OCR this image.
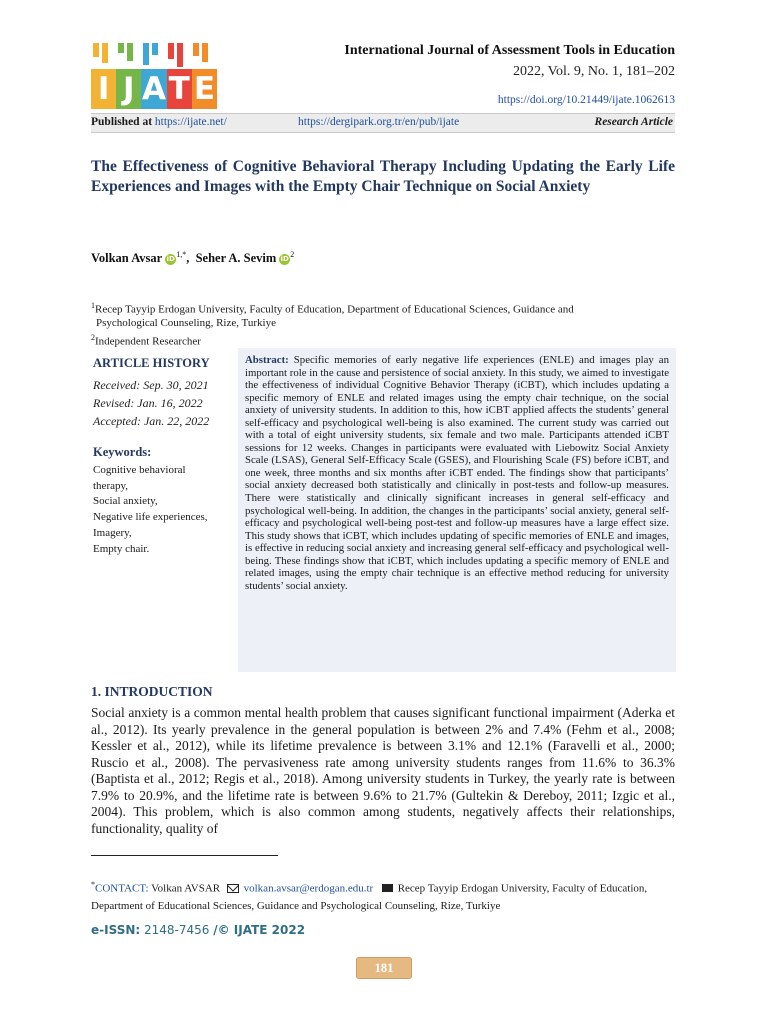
I J A T E
International Journal of Assessment Tools in Education
2022, Vol. 9, No. 1, 181–202
https://doi.org/10.21449/ijate.1062613
Published at https://ijate.net/	https://dergipark.org.tr/en/pub/ijate	Research Article
The Effectiveness of Cognitive Behavioral Therapy Including Updating the Early Life Experiences and Images with the Empty Chair Technique on Social Anxiety
Volkan Avsar $iD^{1,*}$,  Seher A. Sevim $iD^2$

$^1$Recep Tayyip Erdogan University, Faculty of Education, Department of Educational Sciences, Guidance and

Psychological Counseling, Rize, Turkiye

$^2$Independent Researcher

ARTICLE HISTORY
Received: Sep. 30, 2021
Revised: Jan. 16, 2022
Accepted: Jan. 22, 2022
Keywords:
Cognitive behavioral
therapy,
Social anxiety,
Negative life experiences,
Imagery,
Empty chair.
Abstract: Specific memories of early negative life experiences (ENLE) and images play an important role in the cause and persistence of social anxiety. In this study, we aimed to investigate the effectiveness of individual Cognitive Behavior Therapy (iCBT), which includes updating a specific memory of ENLE and related images using the empty chair technique, on the social anxiety of university students. In addition to this, how iCBT applied affects the students’ general self-efficacy and psychological well-being is also examined. The current study was carried out with a total of eight university students, six female and two male. Participants attended iCBT sessions for 12 weeks. Changes in participants were evaluated with Liebowitz Social Anxiety Scale (LSAS), General Self-Efficacy Scale (GSES), and Flourishing Scale (FS) before iCBT, and one week, three months and six months after iCBT ended. The findings show that participants’ social anxiety decreased both statistically and clinically in post-tests and follow-up measures. There were statistically and clinically significant increases in general self-efficacy and psychological well-being. In addition, the changes in the participants’ social anxiety, general self-efficacy and psychological well-being post-test and follow-up measures have a large effect size. This study shows that iCBT, which includes updating of specific memories of ENLE and images, is effective in reducing social anxiety and increasing general self-efficacy and psychological well-being. These findings show that iCBT, which includes updating a specific memory of ENLE and related images, using the empty chair technique is an effective method reducing for university students’ social anxiety.
1. INTRODUCTION
Social anxiety is a common mental health problem that causes significant functional impairment (Aderka et al., 2012). Its yearly prevalence in the general population is between 2% and 7.4% (Fehm et al., 2008; Kessler et al., 2012), while its lifetime prevalence is between 3.1% and 12.1% (Faravelli et al., 2000; Ruscio et al., 2008). The pervasiveness rate among university students ranges from 11.6% to 36.3% (Baptista et al., 2012; Regis et al., 2018). Among university students in Turkey, the yearly rate is between 7.9% to 20.9%, and the lifetime rate is between 9.6% to 21.7% (Gultekin & Dereboy, 2011; Izgic et al., 2004). This problem, which is also common among students, negatively affects their relationships, functionality, quality of
*CONTACT: Volkan AVSAR volkan.avsar@erdogan.edu.tr Recep Tayyip Erdogan University, Faculty of Education, Department of Educational Sciences, Guidance and Psychological Counseling, Rize, Turkiye
e-ISSN: 2148-7456 /© IJATE 2022
181
